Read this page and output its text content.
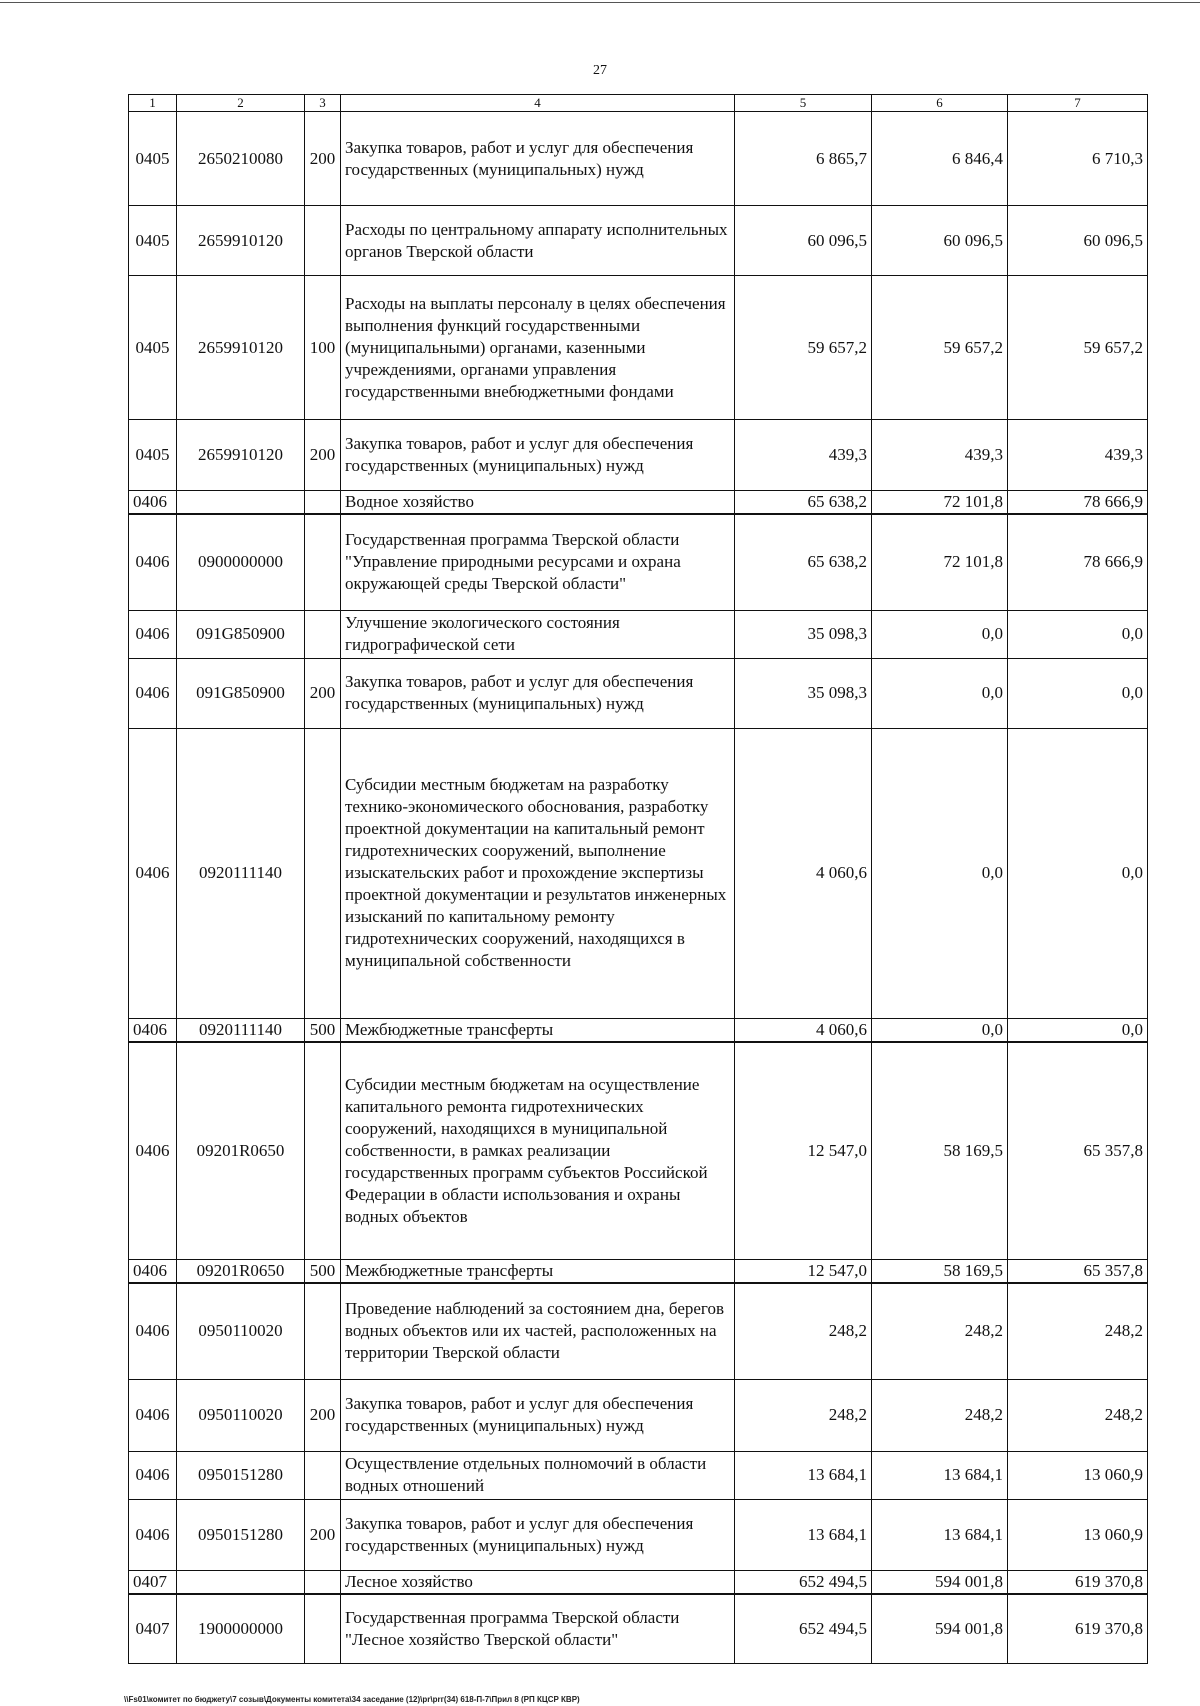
27
1	2	3	4	5	6	7
0405	2650210080	200	Закупка товаров, работ и услуг для обеспечения государственных (муниципальных) нужд	6 865,7	6 846,4	6 710,3
0405	2659910120		Расходы по центральному аппарату исполнительных органов Тверской области	60 096,5	60 096,5	60 096,5
0405	2659910120	100	Расходы на выплаты персоналу в целях обеспечения выполнения функций государственными (муниципальными) органами, казенными учреждениями, органами управления государственными внебюджетными фондами	59 657,2	59 657,2	59 657,2
0405	2659910120	200	Закупка товаров, работ и услуг для обеспечения государственных (муниципальных) нужд	439,3	439,3	439,3
0406			Водное хозяйство	65 638,2	72 101,8	78 666,9
0406	0900000000		Государственная программа Тверской области "Управление природными ресурсами и охрана окружающей среды Тверской области"	65 638,2	72 101,8	78 666,9
0406	091G850900		Улучшение экологического состояния гидрографической сети	35 098,3	0,0	0,0
0406	091G850900	200	Закупка товаров, работ и услуг для обеспечения государственных (муниципальных) нужд	35 098,3	0,0	0,0
0406	0920111140		Субсидии местным бюджетам на разработку технико-экономического обоснования, разработку проектной документации на капитальный ремонт гидротехнических сооружений, выполнение изыскательских работ и прохождение экспертизы проектной документации и результатов инженерных изысканий по капитальному ремонту гидротехнических сооружений, находящихся в муниципальной собственности	4 060,6	0,0	0,0
0406	0920111140	500	Межбюджетные трансферты	4 060,6	0,0	0,0
0406	09201R0650		Субсидии местным бюджетам на осуществление капитального ремонта гидротехнических сооружений, находящихся в муниципальной собственности, в рамках реализации государственных программ субъектов Российской Федерации в области использования и охраны водных объектов	12 547,0	58 169,5	65 357,8
0406	09201R0650	500	Межбюджетные трансферты	12 547,0	58 169,5	65 357,8
0406	0950110020		Проведение наблюдений за состоянием дна, берегов водных объектов или их частей, расположенных на территории Тверской области	248,2	248,2	248,2
0406	0950110020	200	Закупка товаров, работ и услуг для обеспечения государственных (муниципальных) нужд	248,2	248,2	248,2
0406	0950151280		Осуществление отдельных полномочий в области водных отношений	13 684,1	13 684,1	13 060,9
0406	0950151280	200	Закупка товаров, работ и услуг для обеспечения государственных (муниципальных) нужд	13 684,1	13 684,1	13 060,9
0407			Лесное хозяйство	652 494,5	594 001,8	619 370,8
0407	1900000000		Государственная программа Тверской области "Лесное хозяйство Тверской области"	652 494,5	594 001,8	619 370,8
\\Fs01\комитет по бюджету\7 созыв\Документы комитета\34 заседание (12)\pr\prг(34) 618-П-7\Прил 8 (РП КЦСР КВР)
